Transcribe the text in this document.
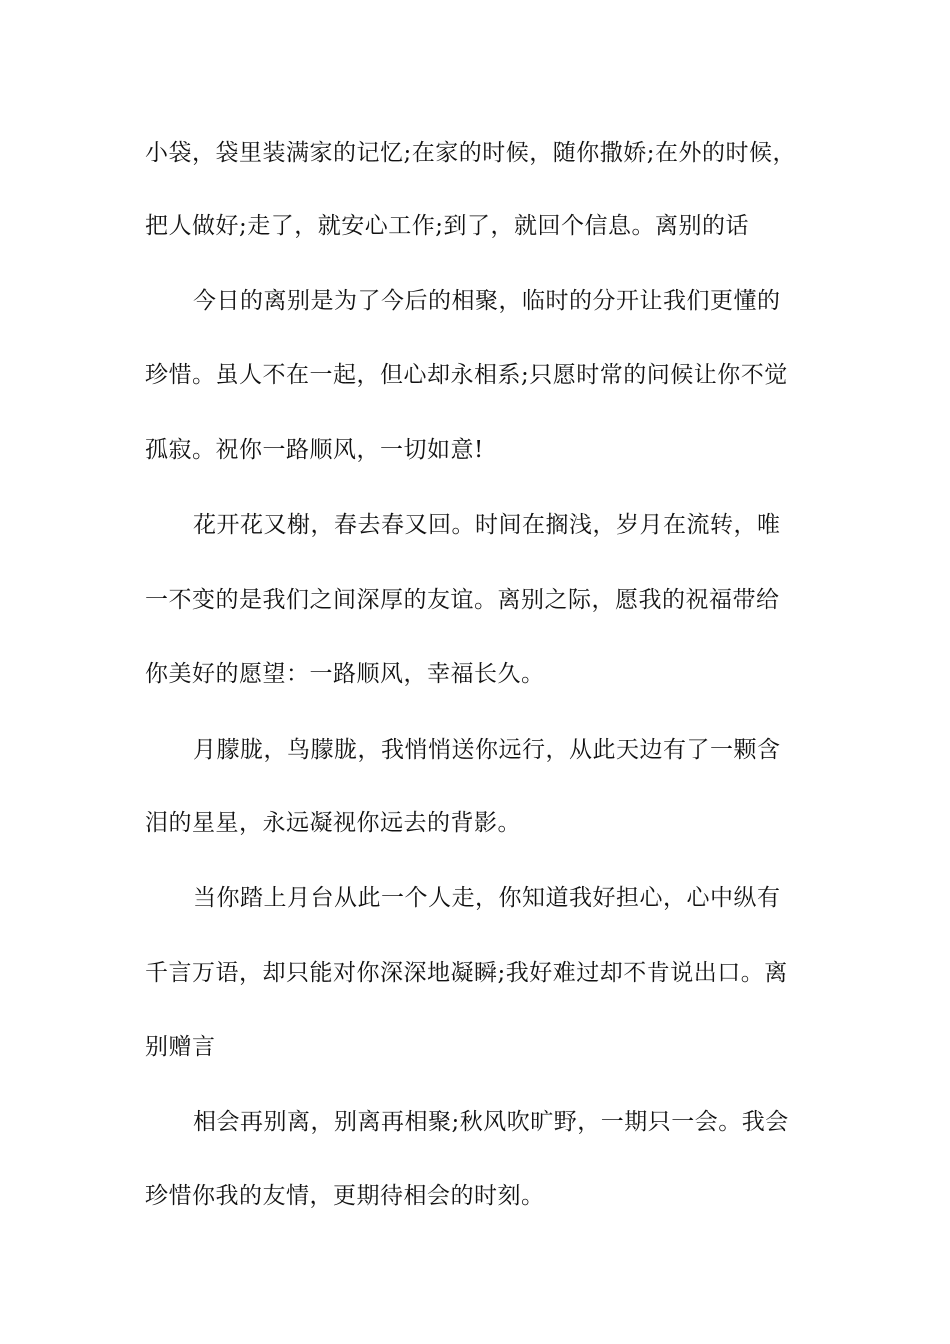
小袋，袋里装满家的记忆;在家的时候，随你撒娇;在外的时候，
把人做好;走了，就安心工作;到了，就回个信息。离别的话
今日的离别是为了今后的相聚，临时的分开让我们更懂的
珍惜。虽人不在一起，但心却永相系;只愿时常的问候让你不觉
孤寂。祝你一路顺风，一切如意!
花开花又榭，春去春又回。时间在搁浅，岁月在流转，唯
一不变的是我们之间深厚的友谊。离别之际，愿我的祝福带给
你美好的愿望：一路顺风，幸福长久。
月朦胧，鸟朦胧，我悄悄送你远行，从此天边有了一颗含
泪的星星，永远凝视你远去的背影。
当你踏上月台从此一个人走，你知道我好担心，心中纵有
千言万语，却只能对你深深地凝瞬;我好难过却不肯说出口。离
别赠言
相会再别离，别离再相聚;秋风吹旷野，一期只一会。我会
珍惜你我的友情，更期待相会的时刻。
